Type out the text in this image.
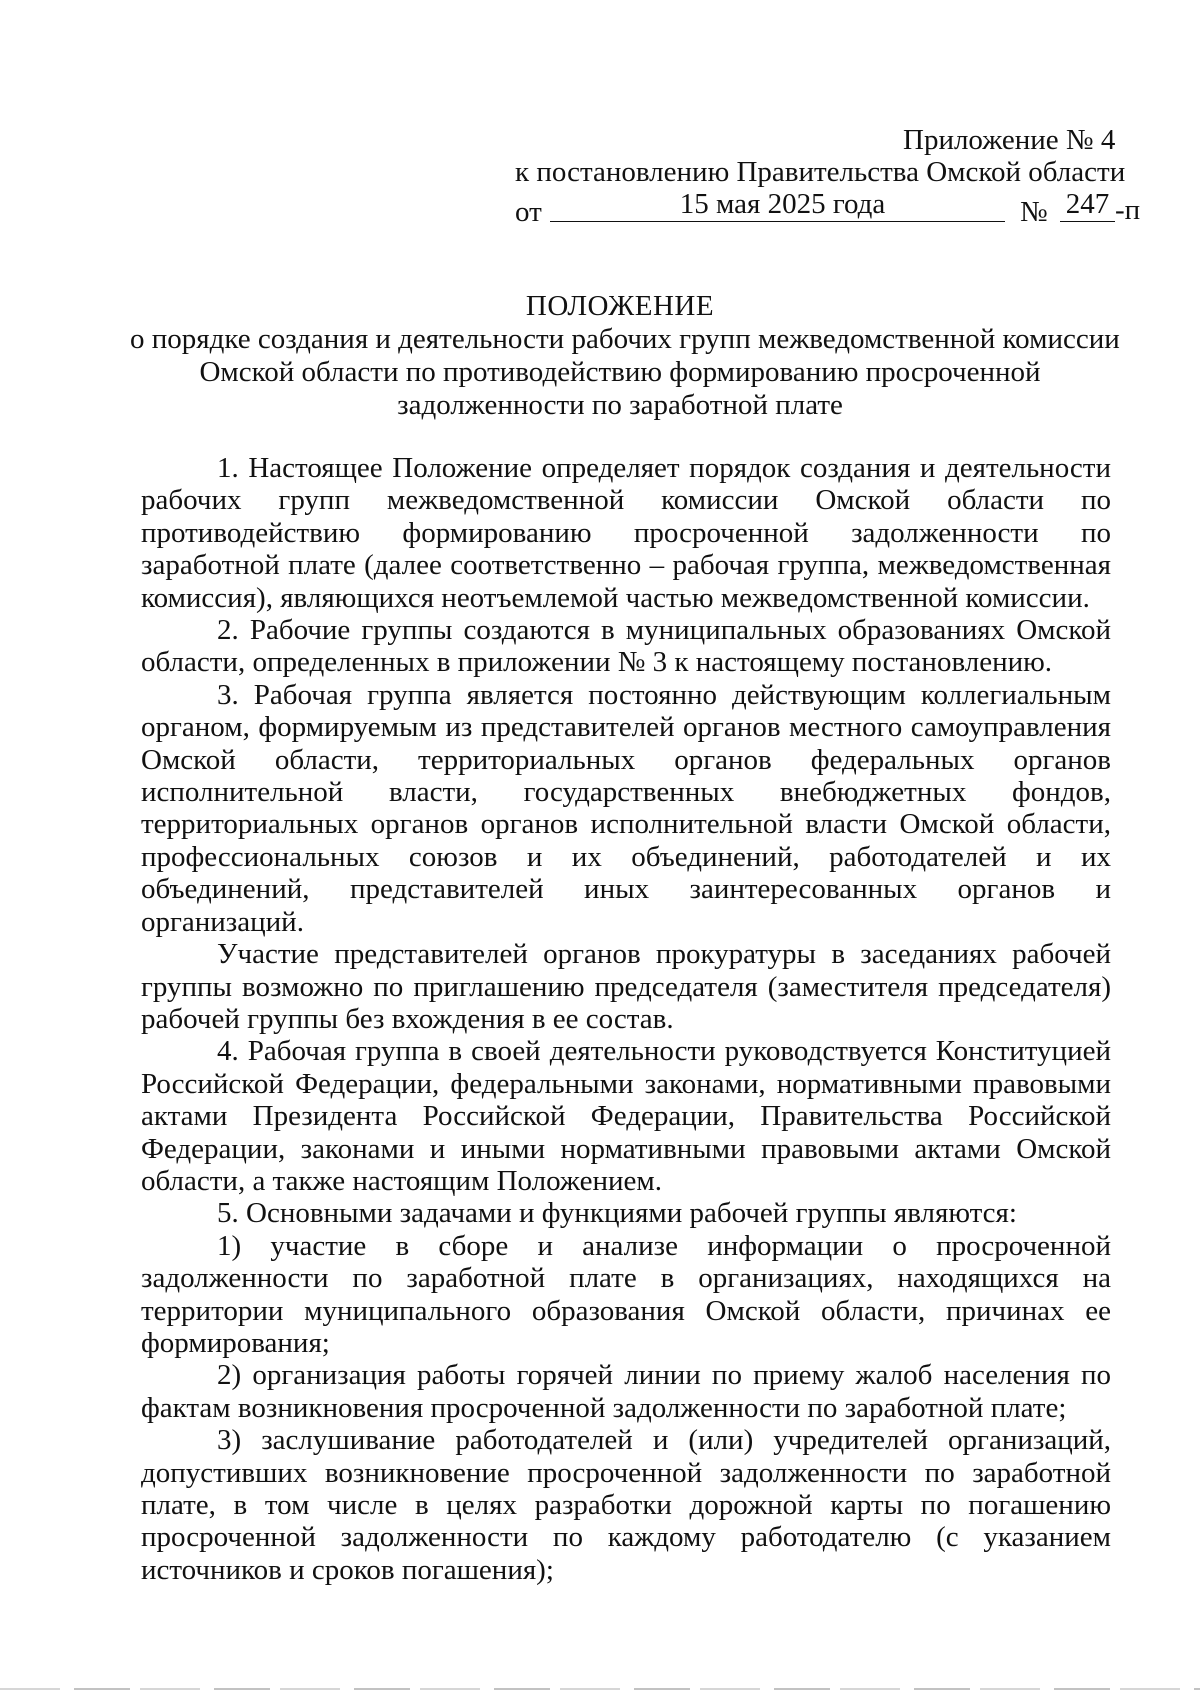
Приложение № 4
к постановлению Правительства Омской области
от	15 мая 2025 года	№ 247 -п
ПОЛОЖЕНИЕ
о порядке создания и деятельности рабочих групп межведомственной комиссии
Омской области по противодействию формированию просроченной
задолженности по заработной плате

1. Настоящее Положение определяет порядок создания и деятельности рабочих групп межведомственной комиссии Омской области по противодействию формированию просроченной задолженности по заработной плате (далее соответственно – рабочая группа, межведомственная комиссия), являющихся неотъемлемой частью межведомственной комиссии.

2. Рабочие группы создаются в муниципальных образованиях Омской области, определенных в приложении № 3 к настоящему постановлению.

3. Рабочая группа является постоянно действующим коллегиальным органом, формируемым из представителей органов местного самоуправления Омской области, территориальных органов федеральных органов исполнительной власти, государственных внебюджетных фондов, территориальных органов органов исполнительной власти Омской области, профессиональных союзов и их объединений, работодателей и их объединений, представителей иных заинтересованных органов и организаций.

Участие представителей органов прокуратуры в заседаниях рабочей группы возможно по приглашению председателя (заместителя председателя) рабочей группы без вхождения в ее состав.

4. Рабочая группа в своей деятельности руководствуется Конституцией Российской Федерации, федеральными законами, нормативными правовыми актами Президента Российской Федерации, Правительства Российской Федерации, законами и иными нормативными правовыми актами Омской области, а также настоящим Положением.

5. Основными задачами и функциями рабочей группы являются:

1) участие в сборе и анализе информации о просроченной задолженности по заработной плате в организациях, находящихся на территории муниципального образования Омской области, причинах ее формирования;

2) организация работы горячей линии по приему жалоб населения по фактам возникновения просроченной задолженности по заработной плате;

3) заслушивание работодателей и (или) учредителей организаций, допустивших возникновение просроченной задолженности по заработной плате, в том числе в целях разработки дорожной карты по погашению просроченной задолженности по каждому работодателю (с указанием источников и сроков погашения);
